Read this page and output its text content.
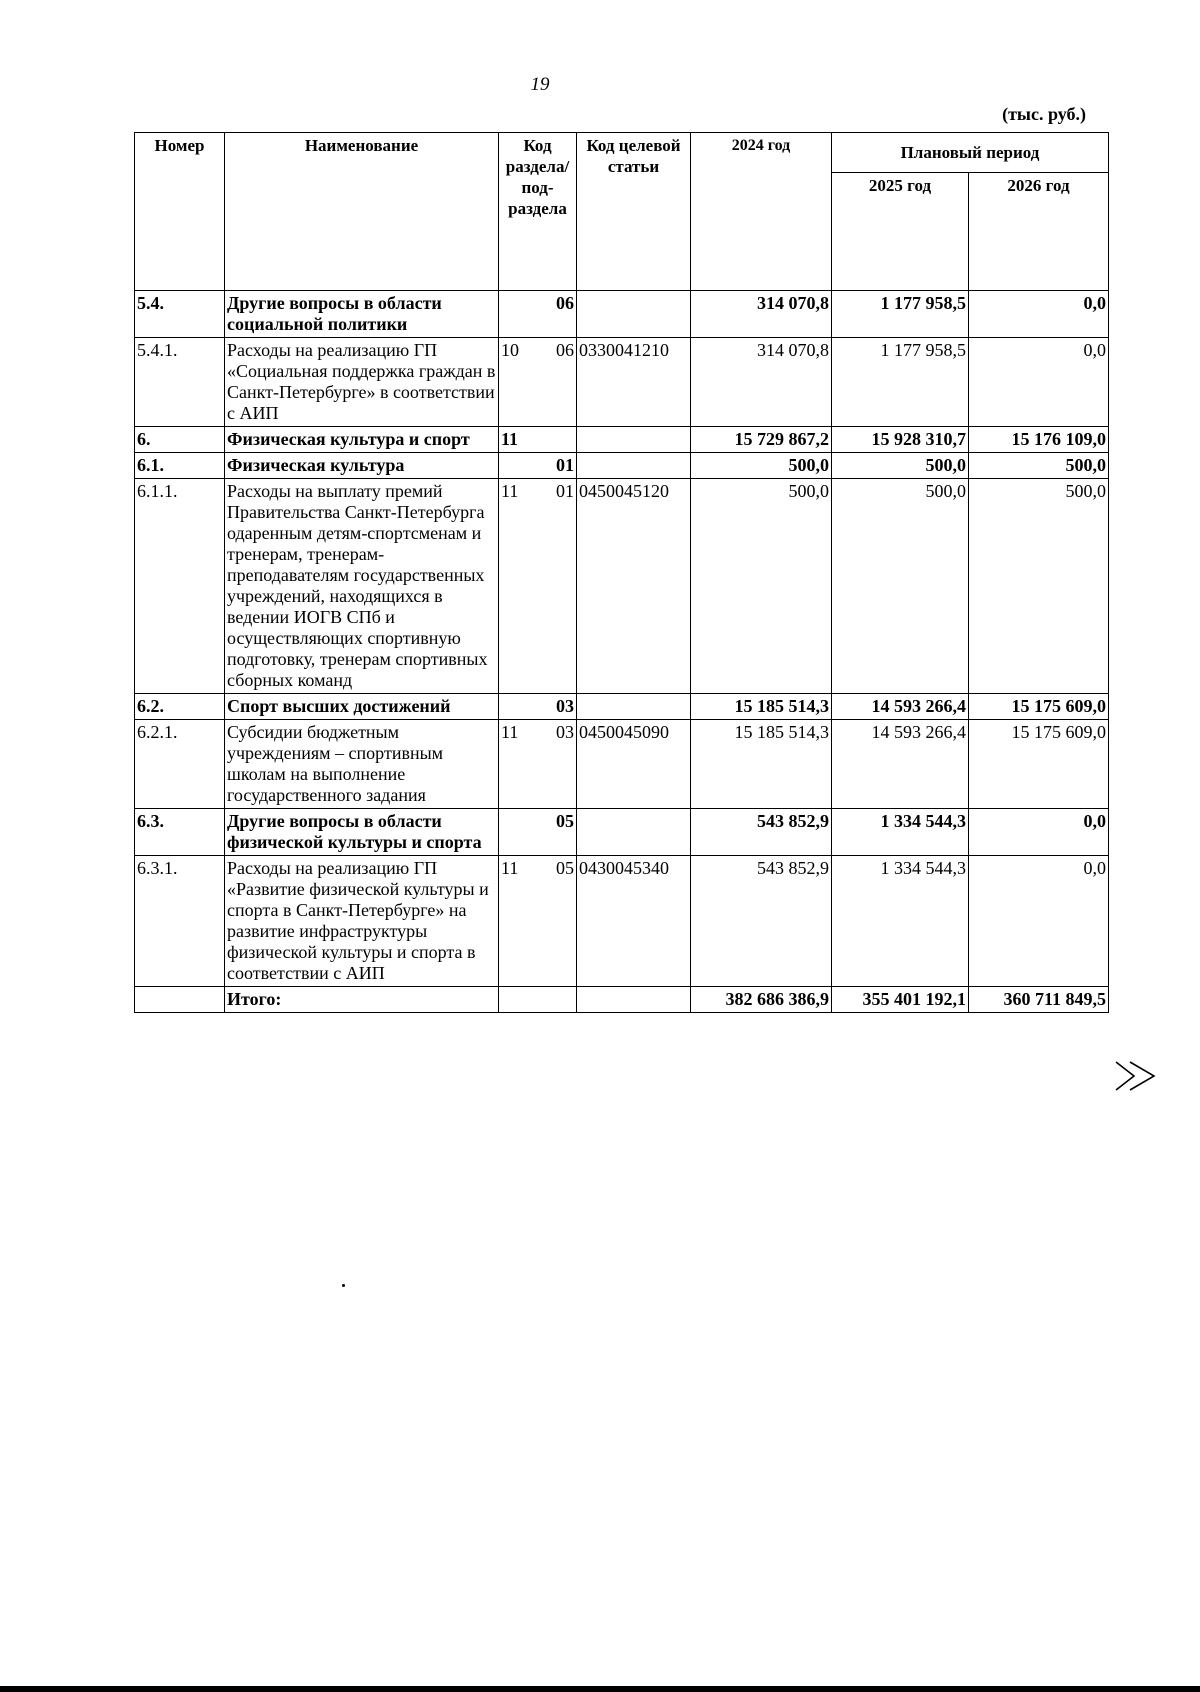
19
(тыс. руб.)
Номер	Наименование	Код раздела/ под- раздела	Код целевой статьи	2024 год	Плановый период	
					2025 год	2026 год
5.4.	Другие вопросы в области социальной политики	06		314 070,8	1 177 958,5	0,0
5.4.1.	Расходы на реализацию ГП «Социальная поддержка граждан в Санкт-Петербурге» в соответствии с АИП	10 06	0330041210	314 070,8	1 177 958,5	0,0
6.	Физическая культура и спорт	11		15 729 867,2	15 928 310,7	15 176 109,0
6.1.	Физическая культура	01		500,0	500,0	500,0
6.1.1.	Расходы на выплату премий Правительства Санкт-Петербурга одаренным детям-спортсменам и тренерам, тренерам-преподавателям государственных учреждений, находящихся в ведении ИОГВ СПб и осуществляющих спортивную подготовку, тренерам спортивных сборных команд	11 01	0450045120	500,0	500,0	500,0
6.2.	Спорт высших достижений	03		15 185 514,3	14 593 266,4	15 175 609,0
6.2.1.	Субсидии бюджетным учреждениям – спортивным школам на выполнение государственного задания	11 03	0450045090	15 185 514,3	14 593 266,4	15 175 609,0
6.3.	Другие вопросы в области физической культуры и спорта	05		543 852,9	1 334 544,3	0,0
6.3.1.	Расходы на реализацию ГП «Развитие физической культуры и спорта в Санкт-Петербурге» на развитие инфраструктуры физической культуры и спорта в соответствии с АИП	11 05	0430045340	543 852,9	1 334 544,3	0,0
	Итого:			382 686 386,9	355 401 192,1	360 711 849,5
